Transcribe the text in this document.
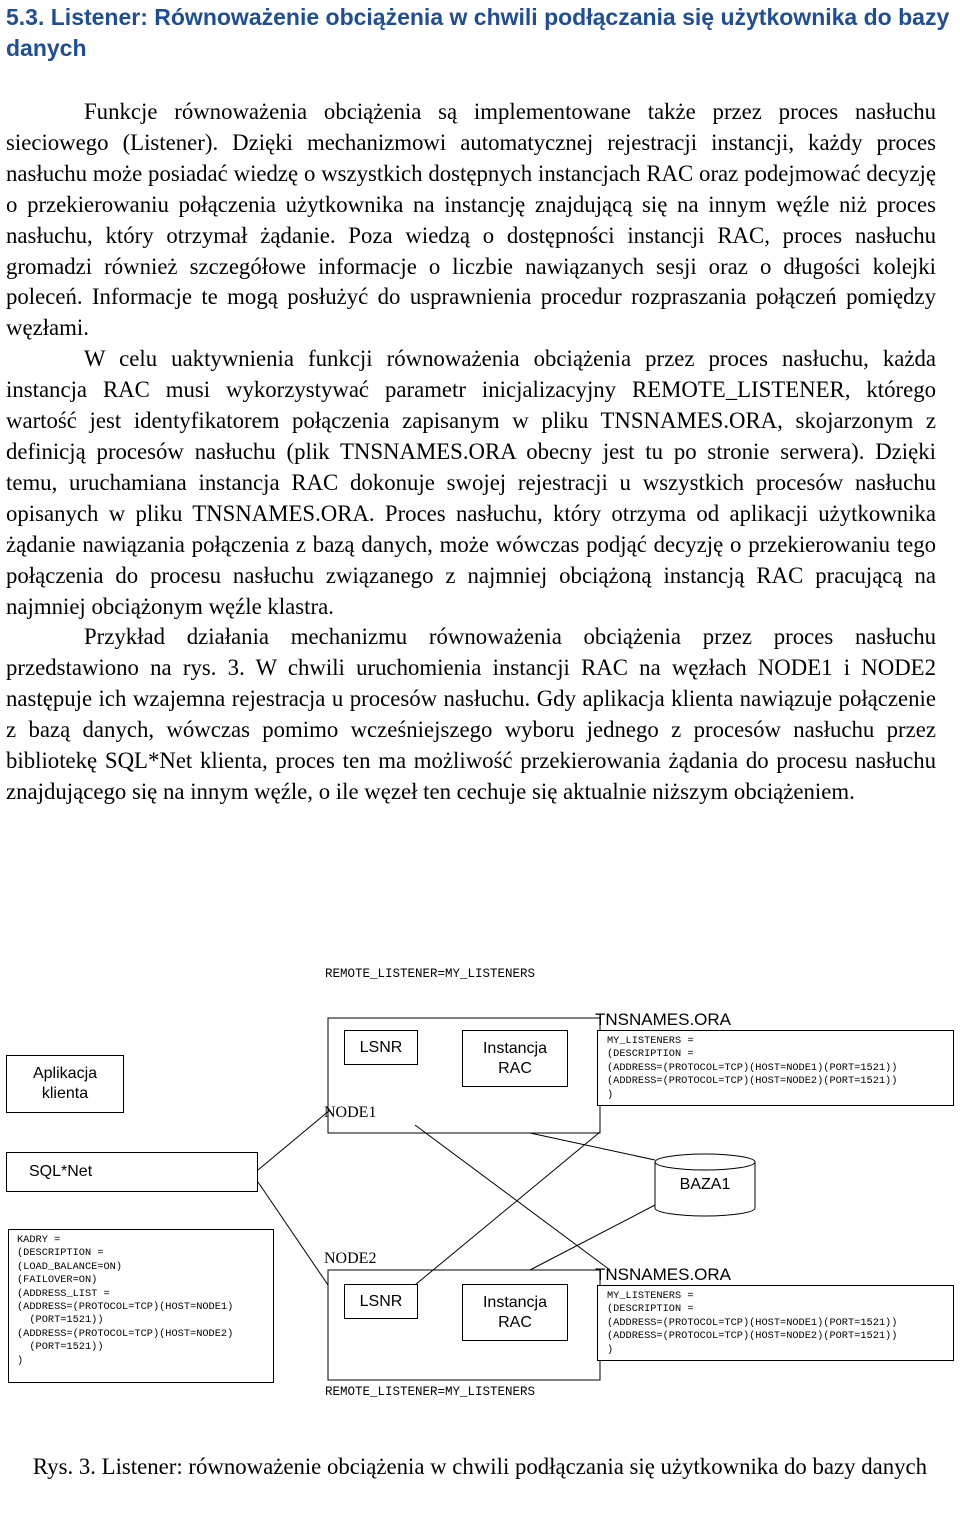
5.3. Listener: Równoważenie obciążenia w chwili podłączania się użytkownika do bazy danych

Funkcje równoważenia obciążenia są implementowane także przez proces nasłuchu sieciowego (Listener). Dzięki mechanizmowi automatycznej rejestracji instancji, każdy proces nasłuchu może posiadać wiedzę o wszystkich dostępnych instancjach RAC oraz podejmować decyzję o przekierowaniu połączenia użytkownika na instancję znajdującą się na innym węźle niż proces nasłuchu, który otrzymał żądanie. Poza wiedzą o dostępności instancji RAC, proces nasłuchu gromadzi również szczegółowe informacje o liczbie nawiązanych sesji oraz o długości kolejki poleceń. Informacje te mogą posłużyć do usprawnienia procedur rozpraszania połączeń pomiędzy węzłami.

W celu uaktywnienia funkcji równoważenia obciążenia przez proces nasłuchu, każda instancja RAC musi wykorzystywać parametr inicjalizacyjny REMOTE_LISTENER, którego wartość jest identyfikatorem połączenia zapisanym w pliku TNSNAMES.ORA, skojarzonym z definicją procesów nasłuchu (plik TNSNAMES.ORA obecny jest tu po stronie serwera). Dzięki temu, uruchamiana instancja RAC dokonuje swojej rejestracji u wszystkich procesów nasłuchu opisanych w pliku TNSNAMES.ORA. Proces nasłuchu, który otrzyma od aplikacji użytkownika żądanie nawiązania połączenia z bazą danych, może wówczas podjąć decyzję o przekierowaniu tego połączenia do procesu nasłuchu związanego z najmniej obciążoną instancją RAC pracującą na najmniej obciążonym węźle klastra.

Przykład działania mechanizmu równoważenia obciążenia przez proces nasłuchu przedstawiono na rys. 3. W chwili uruchomienia instancji RAC na węzłach NODE1 i NODE2 następuje ich wzajemna rejestracja u procesów nasłuchu. Gdy aplikacja klienta nawiązuje połączenie z bazą danych, wówczas pomimo wcześniejszego wyboru jednego z procesów nasłuchu przez bibliotekę SQL*Net klienta, proces ten ma możliwość przekierowania żądania do procesu nasłuchu znajdującego się na innym węźle, o ile węzeł ten cechuje się aktualnie niższym obciążeniem.

REMOTE_LISTENER=MY_LISTENERS
Aplikacja
klienta
SQL*Net
LSNR	Instancja
RAC
NODE1
TNSNAMES.ORA
MY_LISTENERS =
(DESCRIPTION =
(ADDRESS=(PROTOCOL=TCP)(HOST=NODE1)(PORT=1521))
(ADDRESS=(PROTOCOL=TCP)(HOST=NODE2)(PORT=1521))
)
BAZA1
KADRY =
(DESCRIPTION =
(LOAD_BALANCE=ON)
(FAILOVER=ON)
(ADDRESS_LIST =
(ADDRESS=(PROTOCOL=TCP)(HOST=NODE1)
(PORT=1521))
(ADDRESS=(PROTOCOL=TCP)(HOST=NODE2)
(PORT=1521))
)
NODE2
LSNR	Instancja
RAC
TNSNAMES.ORA
MY_LISTENERS =
(DESCRIPTION =
(ADDRESS=(PROTOCOL=TCP)(HOST=NODE1)(PORT=1521))
(ADDRESS=(PROTOCOL=TCP)(HOST=NODE2)(PORT=1521))
)
REMOTE_LISTENER=MY_LISTENERS
Rys. 3. Listener: równoważenie obciążenia w chwili podłączania się użytkownika do bazy danych
